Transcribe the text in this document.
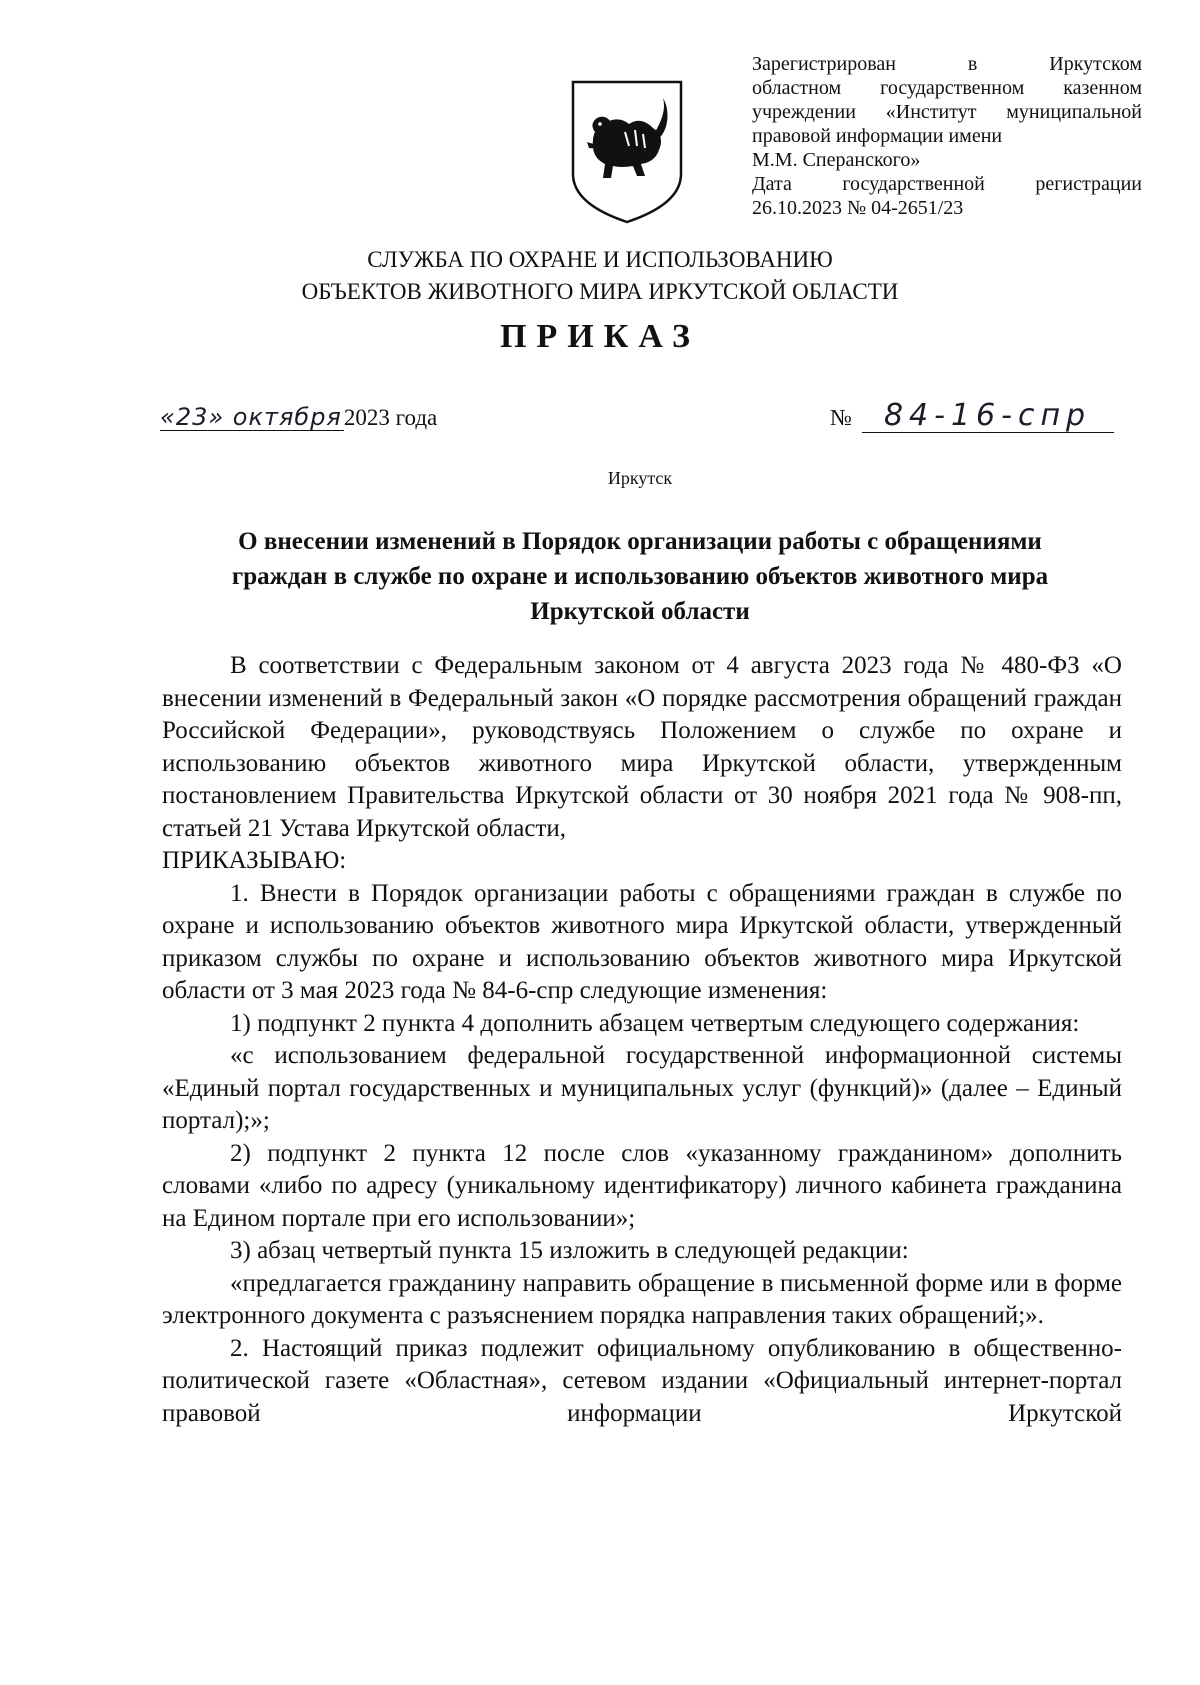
Зарегистрирован в Иркутском
областном государственном казенном
учреждении «Институт муниципальной
правовой информации имени
М.М. Сперанского»
Дата государственной регистрации
26.10.2023 № 04-2651/23
СЛУЖБА ПО ОХРАНЕ И ИСПОЛЬЗОВАНИЮ
ОБЪЕКТОВ ЖИВОТНОГО МИРА ИРКУТСКОЙ ОБЛАСТИ
ПРИКАЗ
«23» октября 2023 года	№	84-16-спр
Иркутск
О внесении изменений в Порядок организации работы с обращениями
граждан в службе по охране и использованию объектов животного мира
Иркутской области

В соответствии с Федеральным законом от 4 августа 2023 года № 480-ФЗ «О внесении изменений в Федеральный закон «О порядке рассмотрения обращений граждан Российской Федерации», руководствуясь Положением о службе по охране и использованию объектов животного мира Иркутской области, утвержденным постановлением Правительства Иркутской области от 30 ноября 2021 года № 908-пп, статьей 21 Устава Иркутской области,

ПРИКАЗЫВАЮ:

1. Внести в Порядок организации работы с обращениями граждан в службе по охране и использованию объектов животного мира Иркутской области, утвержденный приказом службы по охране и использованию объектов животного мира Иркутской области от 3 мая 2023 года № 84-6-спр следующие изменения:

1) подпункт 2 пункта 4 дополнить абзацем четвертым следующего содержания:

«с использованием федеральной государственной информационной системы «Единый портал государственных и муниципальных услуг (функций)» (далее – Единый портал);»;

2) подпункт 2 пункта 12 после слов «указанному гражданином» дополнить словами «либо по адресу (уникальному идентификатору) личного кабинета гражданина на Едином портале при его использовании»;

3) абзац четвертый пункта 15 изложить в следующей редакции:

«предлагается гражданину направить обращение в письменной форме или в форме электронного документа с разъяснением порядка направления таких обращений;».

2. Настоящий приказ подлежит официальному опубликованию в общественно-политической газете «Областная», сетевом издании «Официальный интернет-портал правовой информации Иркутской
